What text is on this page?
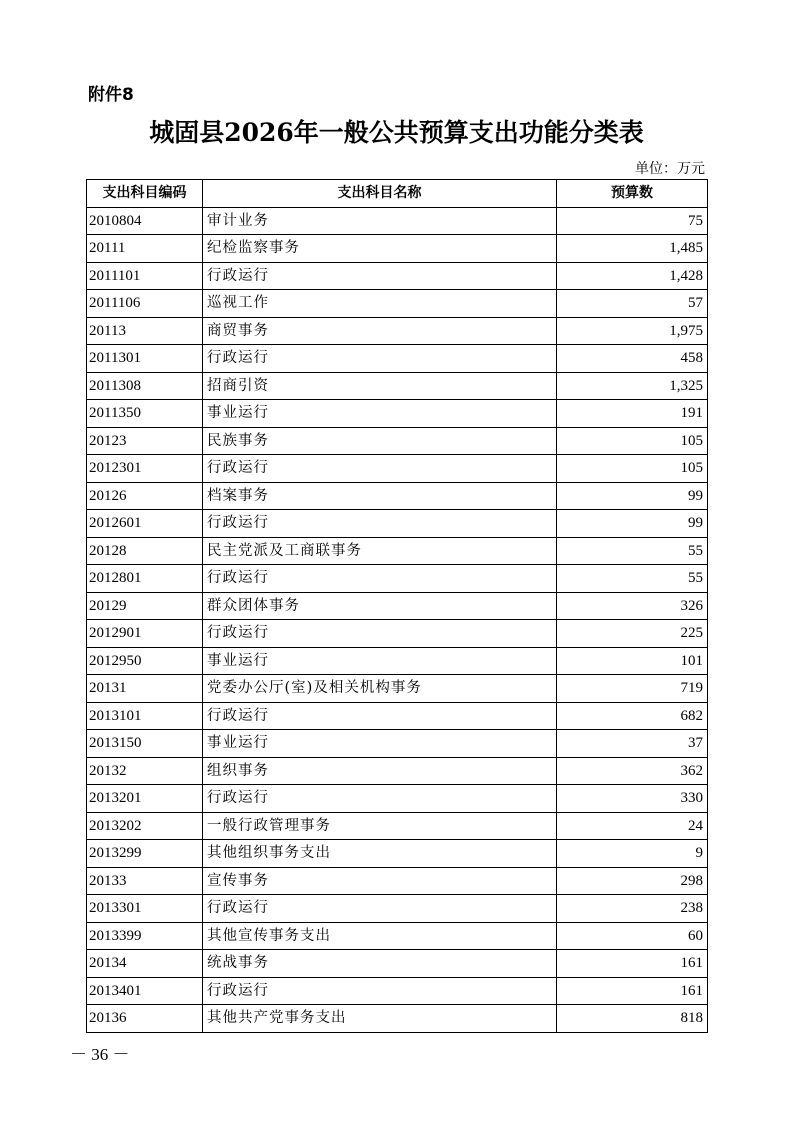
附件8
城固县2026年一般公共预算支出功能分类表
单位：万元
支出科目编码	支出科目名称	预算数
2010804	审计业务	75
20111	纪检监察事务	1,485
2011101	行政运行	1,428
2011106	巡视工作	57
20113	商贸事务	1,975
2011301	行政运行	458
2011308	招商引资	1,325
2011350	事业运行	191
20123	民族事务	105
2012301	行政运行	105
20126	档案事务	99
2012601	行政运行	99
20128	民主党派及工商联事务	55
2012801	行政运行	55
20129	群众团体事务	326
2012901	行政运行	225
2012950	事业运行	101
20131	党委办公厅(室)及相关机构事务	719
2013101	行政运行	682
2013150	事业运行	37
20132	组织事务	362
2013201	行政运行	330
2013202	一般行政管理事务	24
2013299	其他组织事务支出	9
20133	宣传事务	298
2013301	行政运行	238
2013399	其他宣传事务支出	60
20134	统战事务	161
2013401	行政运行	161
20136	其他共产党事务支出	818
－ 36 －
